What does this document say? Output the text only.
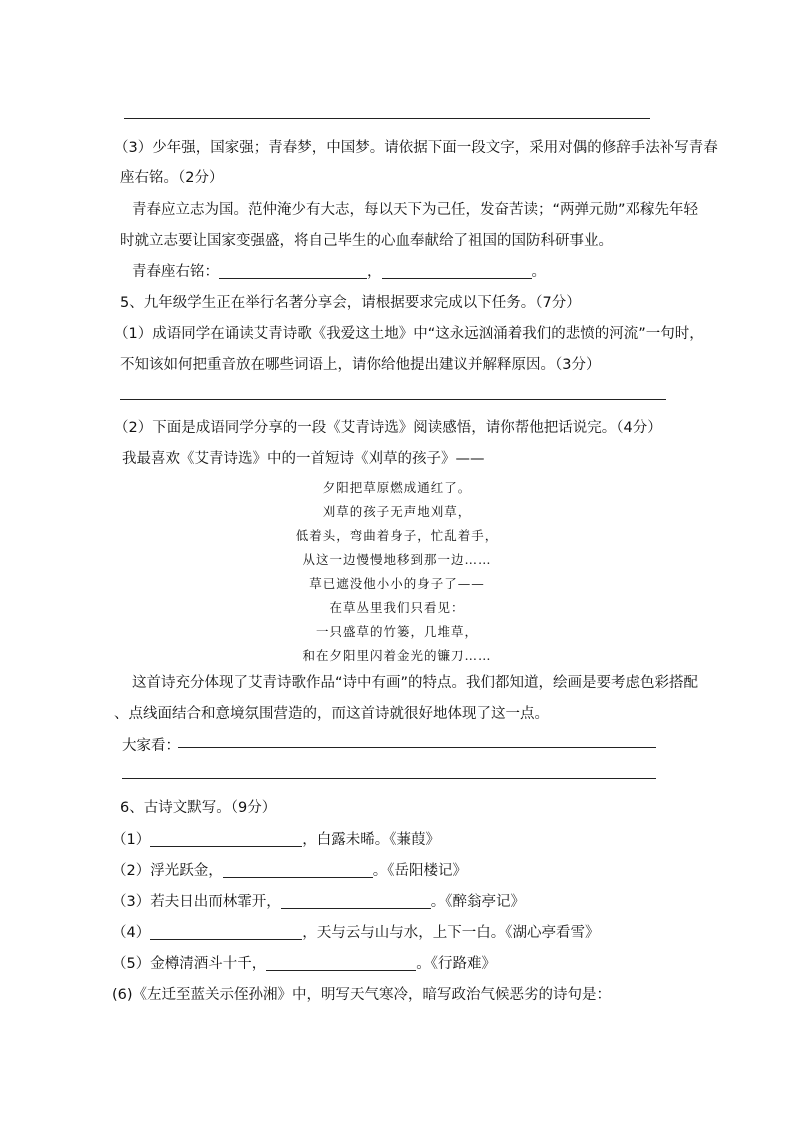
（3）少年强，国家强；青春梦，中国梦。请依据下面一段文字，采用对偶的修辞手法补写青春
座右铭。（2分）
青春应立志为国。范仲淹少有大志，每以天下为己任，发奋苦读；“两弹元勋”邓稼先年轻
时就立志要让国家变强盛，将自己毕生的心血奉献给了祖国的国防科研事业。
青春座右铭：	，	。
5、九年级学生正在举行名著分享会，请根据要求完成以下任务。（7分）
（1）成语同学在诵读艾青诗歌《我爱这土地》中“这永远汹涌着我们的悲愤的河流”一句时，
不知该如何把重音放在哪些词语上，请你给他提出建议并解释原因。（3分）
（2）下面是成语同学分享的一段《艾青诗选》阅读感悟，请你帮他把话说完。（4分）
我最喜欢《艾青诗选》中的一首短诗《刈草的孩子》——
夕阳把草原燃成通红了。
刈草的孩子无声地刈草，
低着头，弯曲着身子，忙乱着手，
从这一边慢慢地移到那一边……
草已遮没他小小的身子了——
在草丛里我们只看见：
一只盛草的竹篓，几堆草，
和在夕阳里闪着金光的镰刀……
这首诗充分体现了艾青诗歌作品“诗中有画”的特点。我们都知道，绘画是要考虑色彩搭配
、点线面结合和意境氛围营造的，而这首诗就很好地体现了这一点。
大家看：
6、古诗文默写。（9分）
（1）	，白露未晞。《蒹葭》
（2）浮光跃金，	。《岳阳楼记》
（3）若夫日出而林霏开，	。《醉翁亭记》
（4）	，天与云与山与水，上下一白。《湖心亭看雪》
（5）金樽清酒斗十千，	。《行路难》
(6)《左迁至蓝关示侄孙湘》中，明写天气寒冷，暗写政治气候恶劣的诗句是：
